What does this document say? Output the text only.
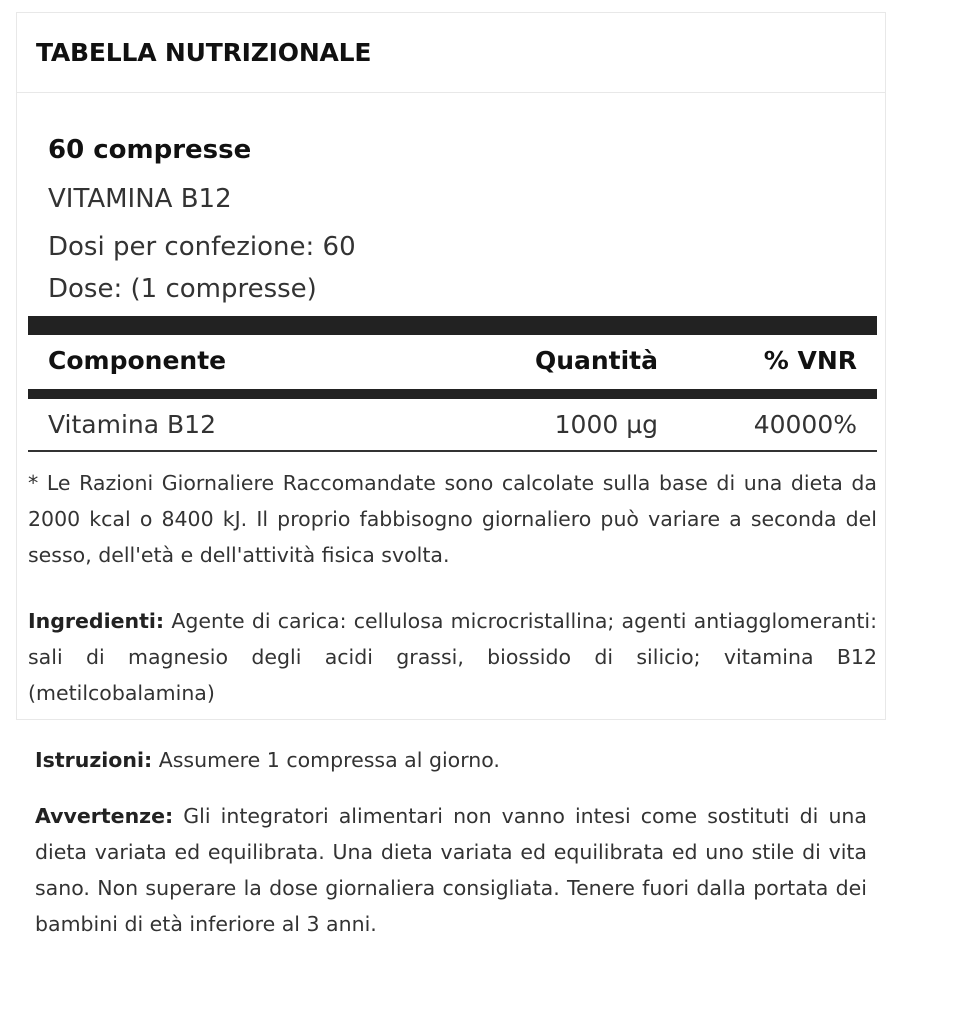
TABELLA NUTRIZIONALE
60 compresse
VITAMINA B12
Dosi per confezione: 60
Dose: (1 compresse)
Componente	Quantità	% VNR
Vitamina B12	1000 µg	40000%
* Le Razioni Giornaliere Raccomandate sono calcolate sulla base di una dieta da 2000 kcal o 8400 kJ. Il proprio fabbisogno giornaliero può variare a seconda del sesso, dell'età e dell'attività fisica svolta.
Ingredienti: Agente di carica: cellulosa microcristallina; agenti antiagglomeranti: sali di magnesio degli acidi grassi, biossido di silicio; vitamina B12 (metilcobalamina)
Istruzioni: Assumere 1 compressa al giorno.
Avvertenze: Gli integratori alimentari non vanno intesi come sostituti di una dieta variata ed equilibrata. Una dieta variata ed equilibrata ed uno stile di vita sano. Non superare la dose giornaliera consigliata. Tenere fuori dalla portata dei bambini di età inferiore al 3 anni.
